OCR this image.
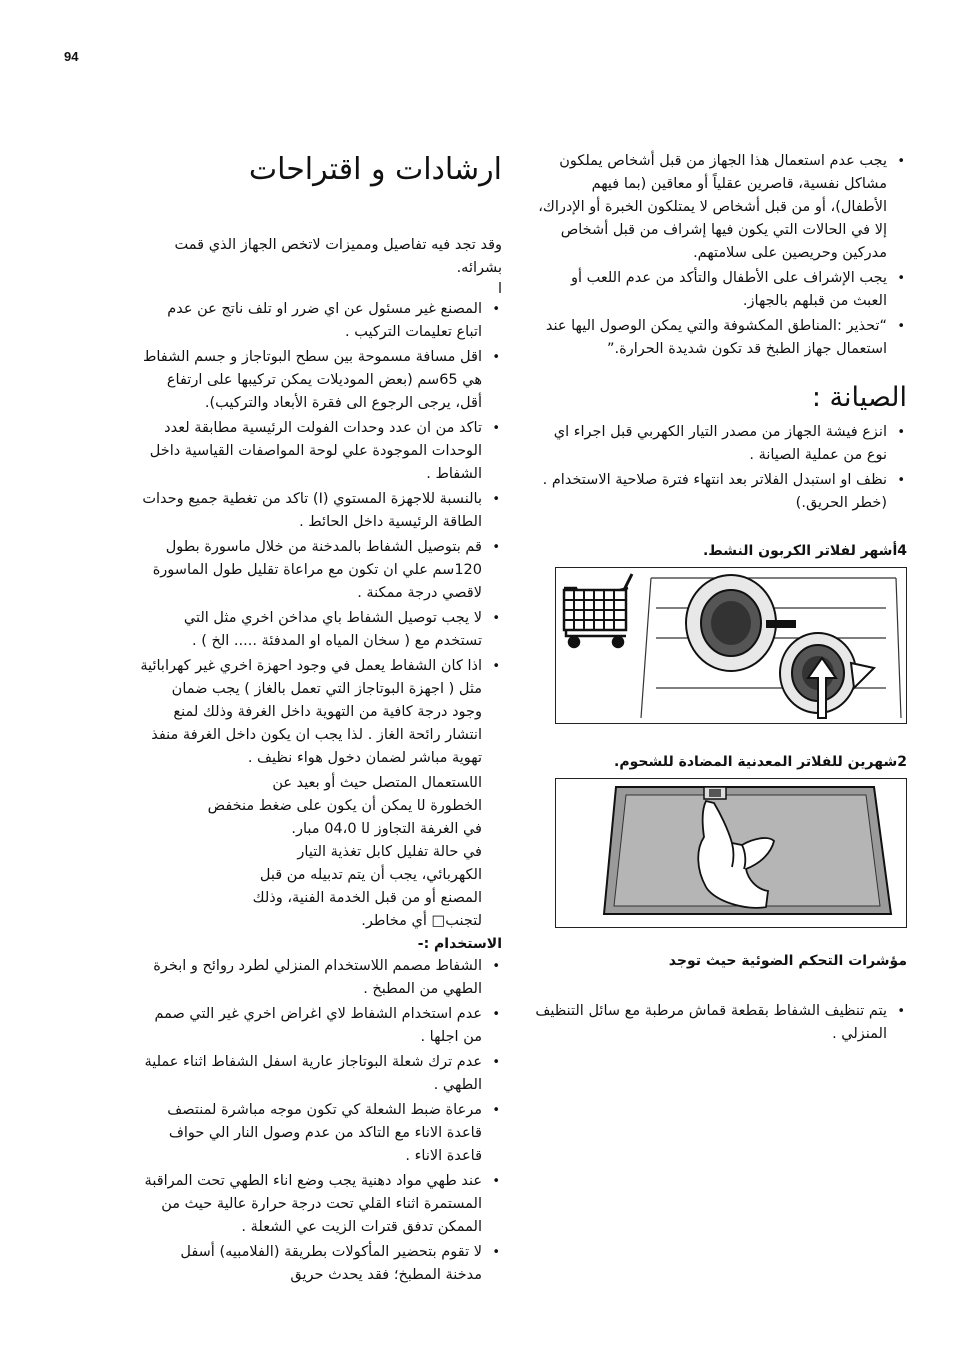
94
ارشادات و اقتراحات

وقد تجد فيه تفاصيل ومميزات لاتخص الجهاز الذي قمت بشرائه.

ا

• المصنع غير مسئول عن اي ضرر او تلف ناتج عن عدم اتباع تعليمات التركيب .
• اقل مسافة مسموحة بين سطح البوتاجاز و جسم الشفاط هي 65سم (بعض الموديلات يمكن تركيبها على ارتفاع أقل، يرجى الرجوع الى فقرة الأبعاد والتركيب).
• تاكد من ان عدد وحدات الفولت الرئيسية مطابقة لعدد الوحدات الموجودة علي لوحة المواصفات القياسية داخل الشفاط .
• بالنسبة للاجهزة المستوي (I) تاكد من تغطية جميع وحدات الطاقة الرئيسية داخل الحائط .
• قم بتوصيل الشفاط بالمدخنة من خلال ماسورة بطول 120سم علي ان تكون مع مراعاة تقليل طول الماسورة لاقصي درجة ممكنة .
• لا يجب توصيل الشفاط باي مداخن اخري مثل التي تستخدم مع ( سخان المياه او المدفئة ..... الخ ) .
• اذا كان الشفاط يعمل في وجود احهزة اخري غير كهرابائية مثل ( اجهزة البوتاجاز التي تعمل بالغاز ) يجب ضمان وجود درجة كافية من التهوية داخل الغرفة وذلك لمنع انتشار رائحة الغاز . لذا يجب ان يكون داخل الغرفة منفذ تهوية مباشر لضمان دخول هواء نظيف .
ال‍‍ا‍س‍ت‍ع‍م‍ال ال‍م‍ت‍ص‍ل ح‍ي‍ث أو ب‍ع‍ي‍د ع‍ن
ال‍خ‍ط‍ورة ل‍ا ي‍م‍ك‍ن أن ي‍ك‍ون ع‍ل‍ى ض‍غ‍ط م‍ن‍خ‍ف‍ض
ف‍ي ال‍غ‍ر‍ف‍ة ال‍ت‍ج‍اوز ل‍ا 04،0 م‍ب‍ار.
ف‍ي ح‍ال‍ة ت‍ف‍ل‍ي‍ل ك‍اب‍ل ت‍غ‍ذي‍ة ال‍ت‍ي‍ار
ال‍ك‍ه‍رب‍ائ‍ي، ي‍ج‍ب أن ي‍ت‍م ت‍دب‍ي‍ل‍ه م‍ن ق‍ب‍ل
ال‍م‍ص‍ن‍ع أو م‍ن ق‍ب‍ل ال‍خ‍دم‍ة ال‍ف‍ن‍ي‍ة، وذل‍ك
ل‍ت‍ج‍ن‍ب□ أي م‍خ‍اط‍ر.

الاستخدام :-

• الشفاط مصمم اللاستخدام المنزلي لطرد روائح و ابخرة الطهي من المطبخ .
• عدم استخدام الشفاط لاي اغراض اخري غير التي صمم من اجلها .
• عدم ترك شعلة البوتاجاز عارية اسفل الشفاط اثناء عملية الطهي .
• مرعاة ضبط الشعلة كي تكون موجه مباشرة لمنتصف قاعدة الاناء مع التاكد من عدم وصول النار الي حواف قاعدة الاناء .
• عند طهي مواد دهنية يجب وضع اناء الطهي تحت المراقبة المستمرة اثناء القلي تحت درجة حرارة عالية حيث من الممكن تدفق قترات الزيت عي الشعلة .
• لا تقوم بتحضير المأكولات بطريقة (الفلامبيه) أسفل مدخنة المطبخ؛ فقد يحدث حريق
• يجب عدم استعمال هذا الجهاز من قبل أشخاص يملكون مشاكل نفسية، قاصرين عقلياً أو معاقين (بما فيهم الأطفال)، أو من قبل أشخاص لا يمتلكون الخبرة أو الإدراك، إلا في الحالات التي يكون فيها إشراف من قبل أشخاص مدركين وحريصين على سلامتهم.
• يجب الإشراف على الأطفال والتأكد من عدم اللعب أو العبث من قبلهم بالجهاز.
• “تحذير :المناطق المكشوفة والتي يمكن الوصول اليها عند استعمال جهاز الطبخ قد تكون شديدة الحرارة.”
الصيانة :
• انزع فيشة الجهاز من مصدر التيار الكهربي قبل اجراء اي نوع من عملية الصيانة .
• نظف او استبدل الفلاتر بعد انتهاء فترة صلاحية الاستخدام . (خطر الحريق.)
4أشهر لفلاتر الكربون النشط.
2شهرين للفلاتر المعدنية المضادة للشحوم.

مؤشرات التحكم الضوئية حيث توجد

• يتم تنظيف الشفاط بقطعة قماش مرطبة مع سائل التنظيف المنزلي .
